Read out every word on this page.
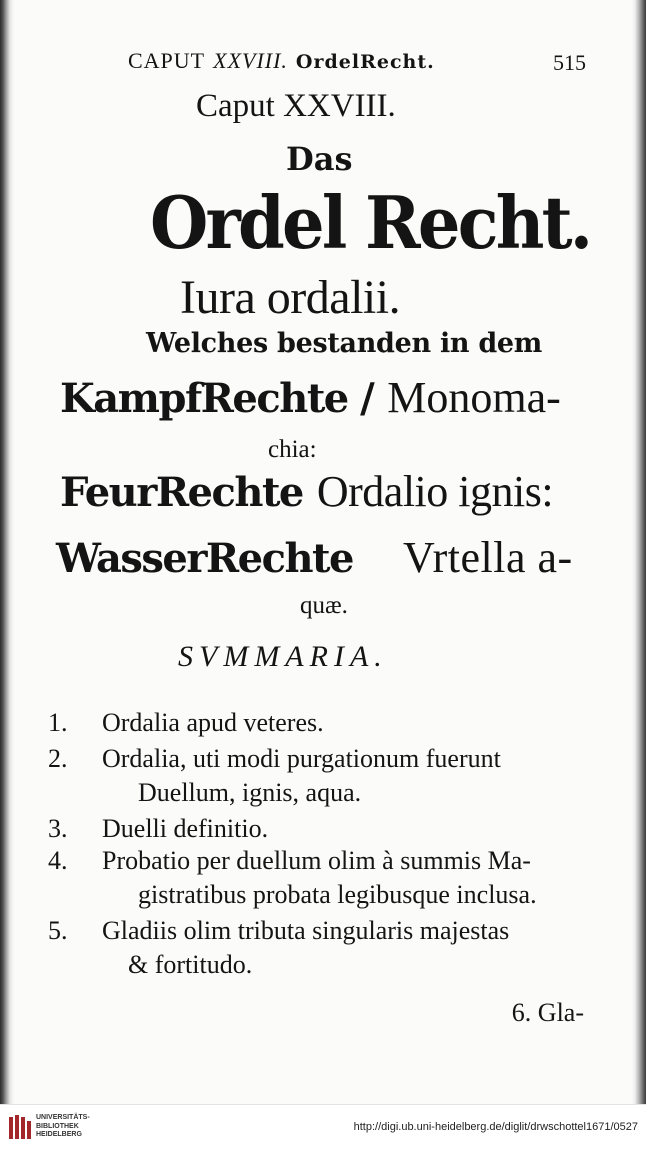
CAPUT XXVIII. OrdelRecht.	515
Caput XXVIII.
Das
Ordel Recht.
Iura ordalii.
Welches bestanden in dem
KampfRechte / Monoma-
chia:
FeurRechte Ordalio ignis:
WasserRechte Vrtella a-
quæ.
SVMMARIA.
1.	Ordalia apud veteres.
2.	Ordalia, uti modi purgationum fuerunt
Duellum, ignis, aqua.
3.	Duelli definitio.
4.	Probatio per duellum olim à summis Ma-
gistratibus probata legibusque inclusa.
5.	Gladiis olim tributa singularis majestas
& fortitudo.
6. Gla-
UNIVERSITÄTS-
BIBLIOTHEK
HEIDELBERG
http://digi.ub.uni-heidelberg.de/diglit/drwschottel1671/0527
